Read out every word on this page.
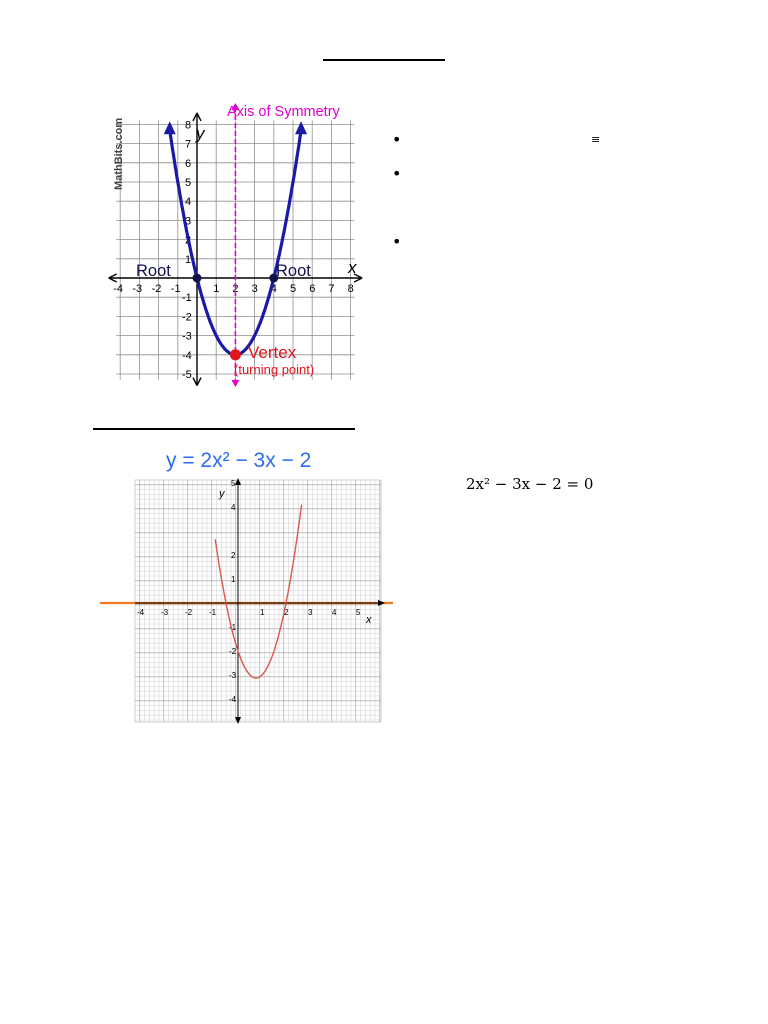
-4 -3 -2 -1	1 2 3 4 5 6 7 8
8
7
6
5
4
3
2
1
-1
-2
-3
-4
-5
Axis of Symmetry
Root	Root
Vertex
(turning point)
x
y
MathBits.com	•	≡
•
•
y = 2x² − 3x − 2
-4 -3 -2 -1	1 2 3 4 5
5
4
2
1
-1
-2
-3
-4
x
y
2x² − 3x − 2 = 0
